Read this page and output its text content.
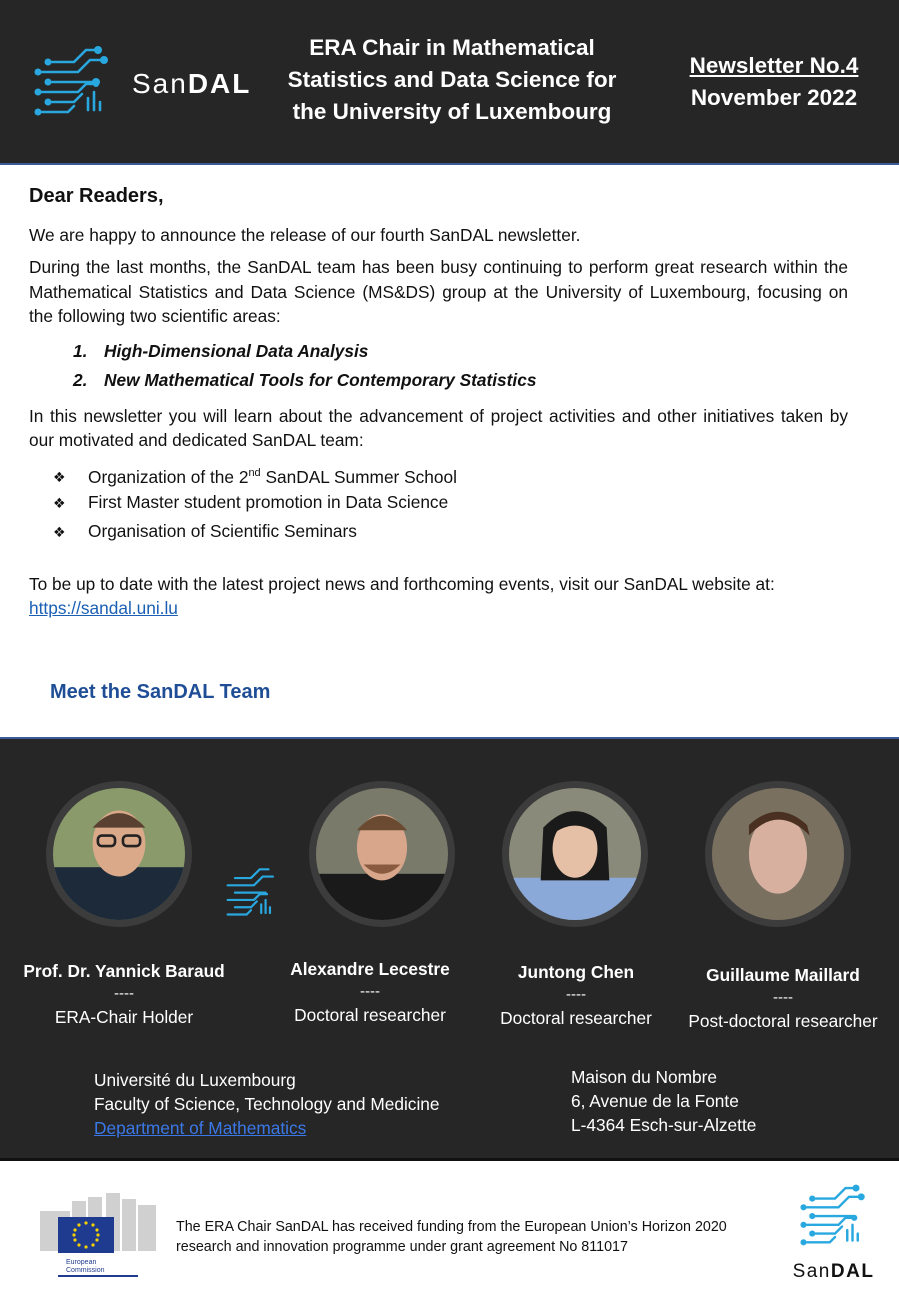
SanDAL
ERA Chair in Mathematical
Statistics and Data Science for
the University of Luxembourg
Newsletter No.4
November 2022
Dear Readers,

We are happy to announce the release of our fourth SanDAL newsletter.

During the last months, the SanDAL team has been busy continuing to perform great research within the Mathematical Statistics and Data Science (MS&DS) group at the University of Luxembourg, focusing on the following two scientific areas:

1. High-Dimensional Data Analysis
2. New Mathematical Tools for Contemporary Statistics

In this newsletter you will learn about the advancement of project activities and other initiatives taken by our motivated and dedicated SanDAL team:

❖ Organization of the 2nd SanDAL Summer School
❖ First Master student promotion in Data Science
❖ Organisation of Scientific Seminars

To be up to date with the latest project news and forthcoming events, visit our SanDAL website at:

https://sandal.uni.lu
Meet the SanDAL Team
Prof. Dr. Yannick Baraud
----
ERA-Chair Holder
Alexandre Lecestre
----
Doctoral researcher
Juntong Chen
----
Doctoral researcher
Guillaume Maillard
----
Post-doctoral researcher
Université du Luxembourg
Faculty of Science, Technology and Medicine
Department of Mathematics
Maison du Nombre
6, Avenue de la Fonte
L-4364 Esch-sur-Alzette
European
Commission
The ERA Chair SanDAL has received funding from the European Union’s Horizon 2020
research and innovation programme under grant agreement No 811017
SanDAL
